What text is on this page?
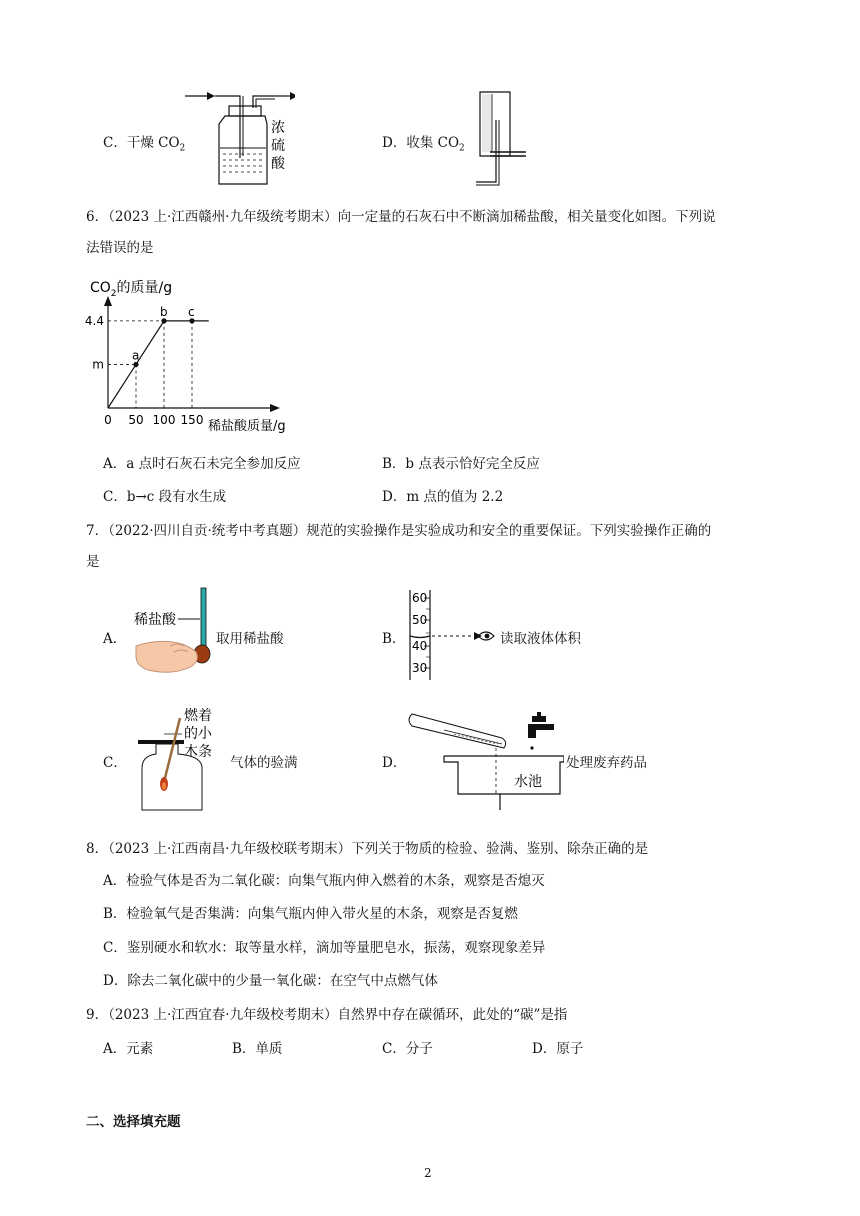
C．干燥 $CO_2$
浓
硫
酸
D．收集 $CO_2$
6．（2023 上·江西赣州·九年级统考期末）向一定量的石灰石中不断滴加稀盐酸，相关量变化如图。下列说
法错误的是
$CO_2$的质量/g
a
b c
m
4.4
0 50 100 150 稀盐酸质量/g
A．a 点时石灰石未完全参加反应	B．b 点表示恰好完全反应
C．b→c 段有水生成	D．m 点的值为 2.2
7．（2022·四川自贡·统考中考真题）规范的实验操作是实验成功和安全的重要保证。下列实验操作正确的
是
A．
稀盐酸
取用稀盐酸	B．
60
50
40
30
读取液体体积
C．
燃着
的小
木条
气体的验满	D．
水池
处理废弃药品
8．（2023 上·江西南昌·九年级校联考期末）下列关于物质的检验、验满、鉴别、除杂正确的是
A．检验气体是否为二氧化碳：向集气瓶内伸入燃着的木条，观察是否熄灭
B．检验氧气是否集满：向集气瓶内伸入带火星的木条，观察是否复燃
C．鉴别硬水和软水：取等量水样，滴加等量肥皂水，振荡，观察现象差异
D．除去二氧化碳中的少量一氧化碳：在空气中点燃气体
9．（2023 上·江西宜春·九年级校考期末）自然界中存在碳循环，此处的“碳”是指
A．元素	B．单质	C．分子	D．原子
二、选择填充题
2
